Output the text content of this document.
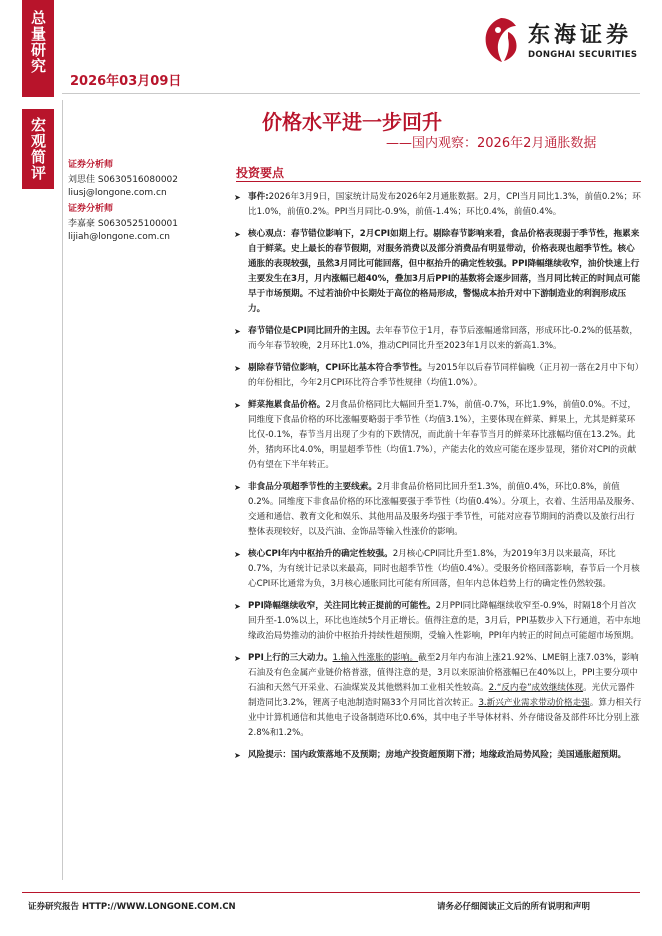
总量研究
2026年03月09日
东海证券
DONGHAI SECURITIES
宏观简评	价格水平进一步回升
——国内观察：2026年2月通胀数据
证券分析师
刘思佳 S0630516080002
liusj@longone.com.cn
证券分析师
李嘉豪 S0630525100001
lijiah@longone.com.cn
投资要点
➤ 事件:2026年3月9日，国家统计局发布2026年2月通胀数据。2月，CPI当月同比1.3%，前值0.2%；环比1.0%，前值0.2%。PPI当月同比-0.9%，前值-1.4%；环比0.4%，前值0.4%。
➤ 核心观点：春节错位影响下，2月CPI如期上行。剔除春节影响来看，食品价格表现弱于季节性，拖累来自于鲜菜。史上最长的春节假期，对服务消费以及部分消费品有明显带动，价格表现也超季节性。核心通胀的表现较强，虽然3月同比可能回落，但中枢抬升的确定性较强。PPI降幅继续收窄，油价快速上行主要发生在3月，月内涨幅已超40%，叠加3月后PPI的基数将会逐步回落，当月同比转正的时间点可能早于市场预期。不过若油价中长期处于高位的格局形成，警惕成本抬升对中下游制造业的利润形成压力。
➤ 春节错位是CPI同比回升的主因。去年春节位于1月，春节后涨幅通常回落，形成环比-0.2%的低基数，而今年春节较晚，2月环比1.0%，推动CPI同比升至2023年1月以来的新高1.3%。
➤ 剔除春节错位影响，CPI环比基本符合季节性。与2015年以后春节同样偏晚（正月初一落在2月中下旬）的年份相比，今年2月CPI环比符合季节性规律（均值1.0%）。
➤ 鲜菜拖累食品价格。2月食品价格同比大幅回升至1.7%，前值-0.7%，环比1.9%，前值0.0%。不过，同维度下食品价格的环比涨幅要略弱于季节性（均值3.1%），主要体现在鲜菜、鲜果上，尤其是鲜菜环比仅-0.1%，春节当月出现了少有的下跌情况，而此前十年春节当月的鲜菜环比涨幅均值在13.2%。此外，猪肉环比4.0%，明显超季节性（均值1.7%），产能去化的效应可能在逐步显现，猪价对CPI的贡献仍有望在下半年转正。
➤ 非食品分项超季节性的主要线索。2月非食品价格同比回升至1.3%，前值0.4%，环比0.8%，前值0.2%。同维度下非食品价格的环比涨幅要强于季节性（均值0.4%）。分项上，衣着、生活用品及服务、交通和通信、教育文化和娱乐、其他用品及服务均强于季节性，可能对应春节期间的消费以及旅行出行整体表现较好，以及汽油、金饰品等输入性涨价的影响。
➤ 核心CPI年内中枢抬升的确定性较强。2月核心CPI同比升至1.8%，为2019年3月以来最高，环比0.7%，为有统计记录以来最高，同时也超季节性（均值0.4%）。受服务价格回落影响，春节后一个月核心CPI环比通常为负，3月核心通胀同比可能有所回落，但年内总体趋势上行的确定性仍然较强。
➤ PPI降幅继续收窄，关注同比转正提前的可能性。2月PPI同比降幅继续收窄至-0.9%，时隔18个月首次回升至-1.0%以上，环比也连续5个月正增长。值得注意的是，3月后，PPI基数步入下行通道，若中东地缘政治局势推动的油价中枢抬升持续性超预期，受输入性影响，PPI年内转正的时间点可能超市场预期。
➤ PPI上行的三大动力。1.输入性涨胀的影响。截至2月年内布油上涨21.92%、LME铜上涨7.03%，影响石油及有色金属产业链价格普涨，值得注意的是，3月以来原油价格涨幅已在40%以上，PPI主要分项中石油和天然气开采业、石油煤炭及其他燃料加工业相关性较高。2.“反内卷”成效继续体现。光伏元器件制造同比3.2%，锂离子电池制造时隔33个月同比首次转正。3.新兴产业需求带动价格走强。算力相关行业中计算机通信和其他电子设备制造环比0.6%，其中电子半导体材料、外存储设备及部件环比分别上涨2.8%和1.2%。
➤ 风险提示：国内政策落地不及预期；房地产投资超预期下滑；地缘政治局势风险；美国通胀超预期。
证券研究报告 HTTP://WWW.LONGONE.COM.CN	请务必仔细阅读正文后的所有说明和声明
